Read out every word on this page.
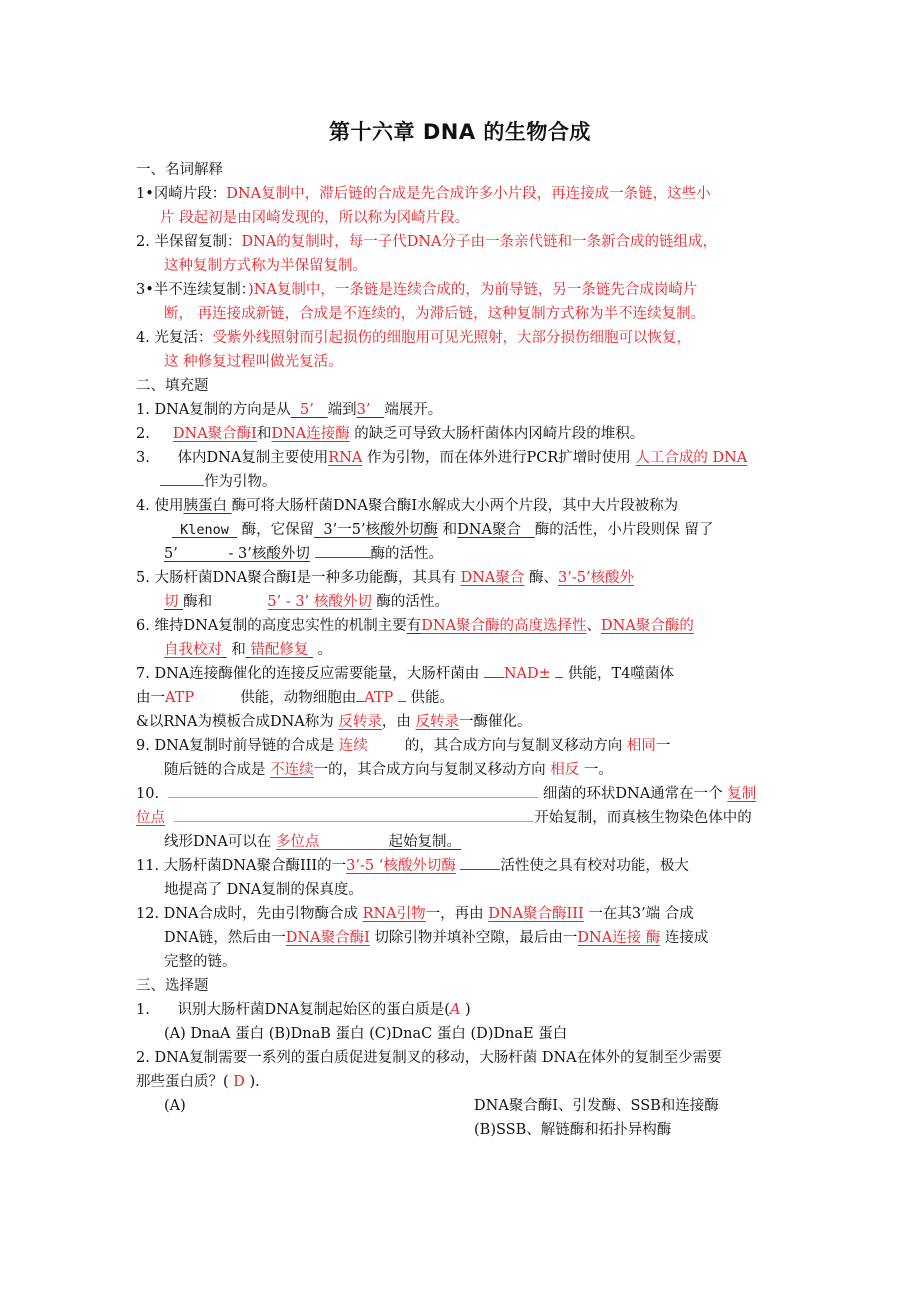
第十六章 DNA 的生物合成
一、名词解释
1•冈崎片段：DNA复制中，滞后链的合成是先合成许多小片段，再连接成一条链，这些小
片 段起初是由冈崎发现的，所以称为冈崎片段。
2. 半保留复制：DNA的复制时，每一子代DNA分子由一条亲代链和一条新合成的链组成，
这种复制方式称为半保留复制。
3•半不连续复制：)NA复制中，一条链是连续合成的，为前导链，另一条链先合成岗崎片
断， 再连接成新链，合成是不连续的，为滞后链，这种复制方式称为半不连续复制。
4. 光复活：受紫外线照射而引起损伤的细胞用可见光照射，大部分损伤细胞可以恢复，
这 种修复过程叫做光复活。
二、填充题
1. DNA复制的方向是从 5’ 端到3’ 端展开。
2. DNA聚合酶I和DNA连接酶 的缺乏可导致大肠杆菌体内冈崎片段的堆积。
3. 体内DNA复制主要使用RNA 作为引物，而在体外进行PCR扩增时使用 人工合成的 DNA
作为引物。
4. 使用胰蛋白 酶可将大肠杆菌DNA聚合酶I水解成大小两个片段，其中大片段被称为
Klenow  酶，它保留 3’一5’核酸外切酶 和DNA聚合 酶的活性，小片段则保 留了
5’	- 3’核酸外切	酶的活性。
5. 大肠杆菌DNA聚合酶I是一种多功能酶，其具有 DNA聚合 酶、3’-5’核酸外
切 酶和	5’ - 3’ 核酸外切 酶的活性。
6. 维持DNA复制的高度忠实性的机制主要有DNA聚合酶的高度选择性、DNA聚合酶的
自我校对  和 错配修复  。
7. DNA连接酶催化的连接反应需要能量，大肠杆菌由 NAD±  供能，T4噬菌体
由一ATP	供能，动物细胞由 ATP  供能。
&以RNA为模板合成DNA称为 反转录，由 反转录一酶催化。
9. DNA复制时前导链的合成是 连续	的，其合成方向与复制叉移动方向 相同一
随后链的合成是 不连续一的，其合成方向与复制叉移动方向 相反 一。
10.	细菌的环状DNA通常在一个 复制
位点	开始复制，而真核生物染色体中的
线形DNA可以在 多位点	起始复制。
11. 大肠杆菌DNA聚合酶III的一3’-5 ‘核酸外切酶	活性使之具有校对功能，极大
地提高了 DNA复制的保真度。
12. DNA合成时，先由引物酶合成 RNA引物一，再由 DNA聚合酶III 一在其3’端 合成
DNA链，然后由一DNA聚合酶I 切除引物并填补空隙，最后由一DNA连接 酶 连接成
完整的链。
三、选择题
1. 识别大肠杆菌DNA复制起始区的蛋白质是(A )
(A) DnaA 蛋白 (B)DnaB 蛋白 (C)DnaC 蛋白 (D)DnaE 蛋白
2. DNA复制需要一系列的蛋白质促进复制叉的移动，大肠杆菌 DNA在体外的复制至少需要
那些蛋白质？( D ).
(A)	DNA聚合酶I、引发酶、SSB和连接酶
(B)SSB、解链酶和拓扑异构酶
